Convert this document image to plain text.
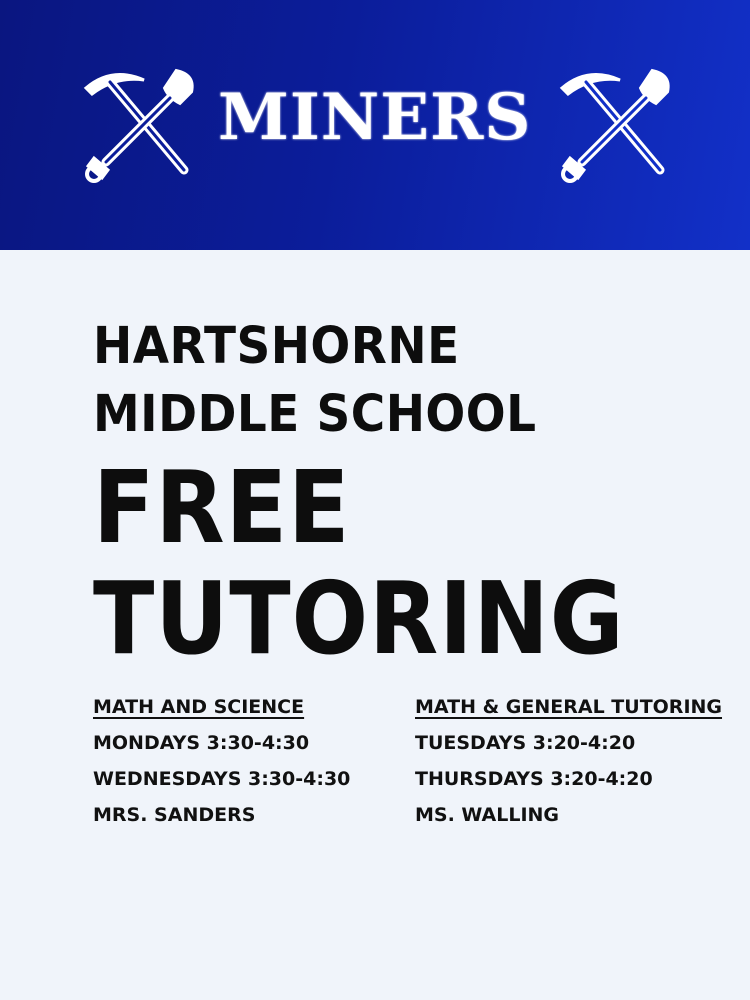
MINERS
HARTSHORNE
MIDDLE SCHOOL
FREE
TUTORING
MATH AND SCIENCE
MONDAYS 3:30-4:30
WEDNESDAYS 3:30-4:30
MRS. SANDERS
MATH & GENERAL TUTORING
TUESDAYS 3:20-4:20
THURSDAYS 3:20-4:20
MS. WALLING
